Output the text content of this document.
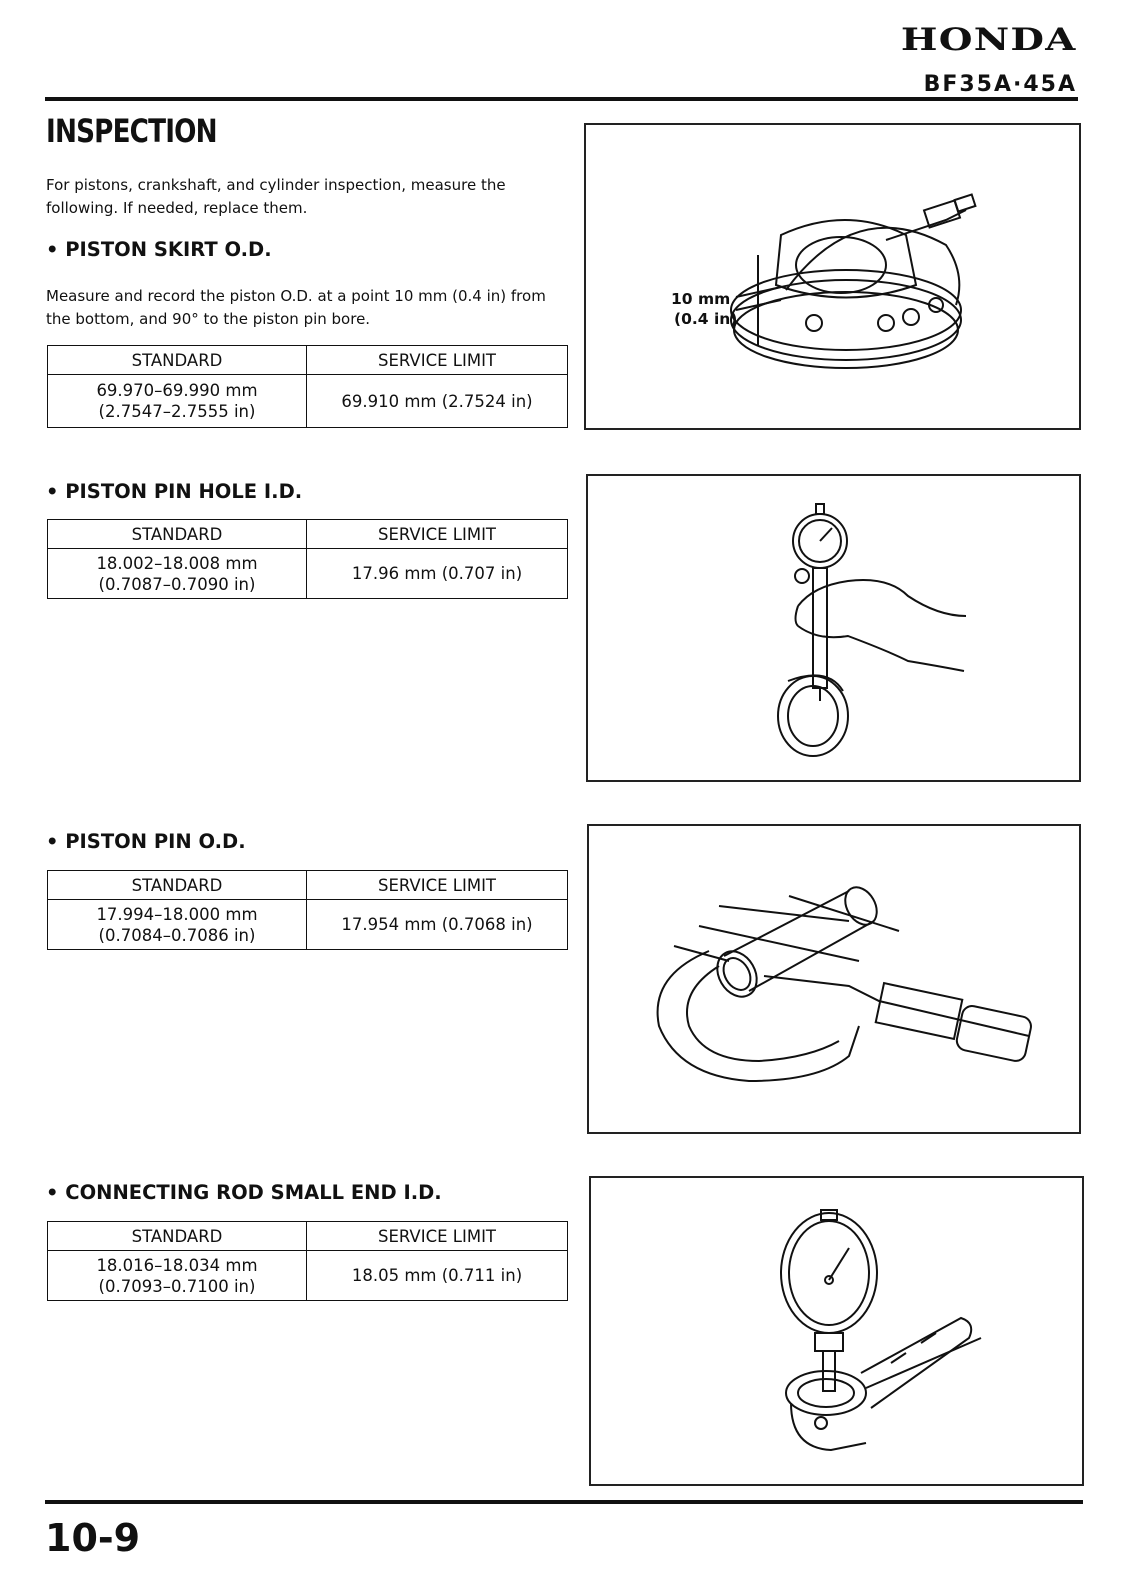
HONDA
BF35A·45A
INSPECTION
For pistons, crankshaft, and cylinder inspection, measure the following. If needed, replace them.
• PISTON SKIRT O.D.
Measure and record the piston O.D. at a point 10 mm (0.4 in) from the bottom, and 90° to the piston pin bore.
STANDARD	SERVICE LIMIT

69.970–69.990 mm
(2.7547–2.7555 in)	69.910 mm (2.7524 in)
10 mm
(0.4 in)
• PISTON PIN HOLE I.D.
STANDARD	SERVICE LIMIT

18.002–18.008 mm
(0.7087–0.7090 in)	17.96 mm (0.707 in)
• PISTON PIN O.D.
STANDARD	SERVICE LIMIT

17.994–18.000 mm
(0.7084–0.7086 in)	17.954 mm (0.7068 in)
• CONNECTING ROD SMALL END I.D.
STANDARD	SERVICE LIMIT

18.016–18.034 mm
(0.7093–0.7100 in)	18.05 mm (0.711 in)
10-9
